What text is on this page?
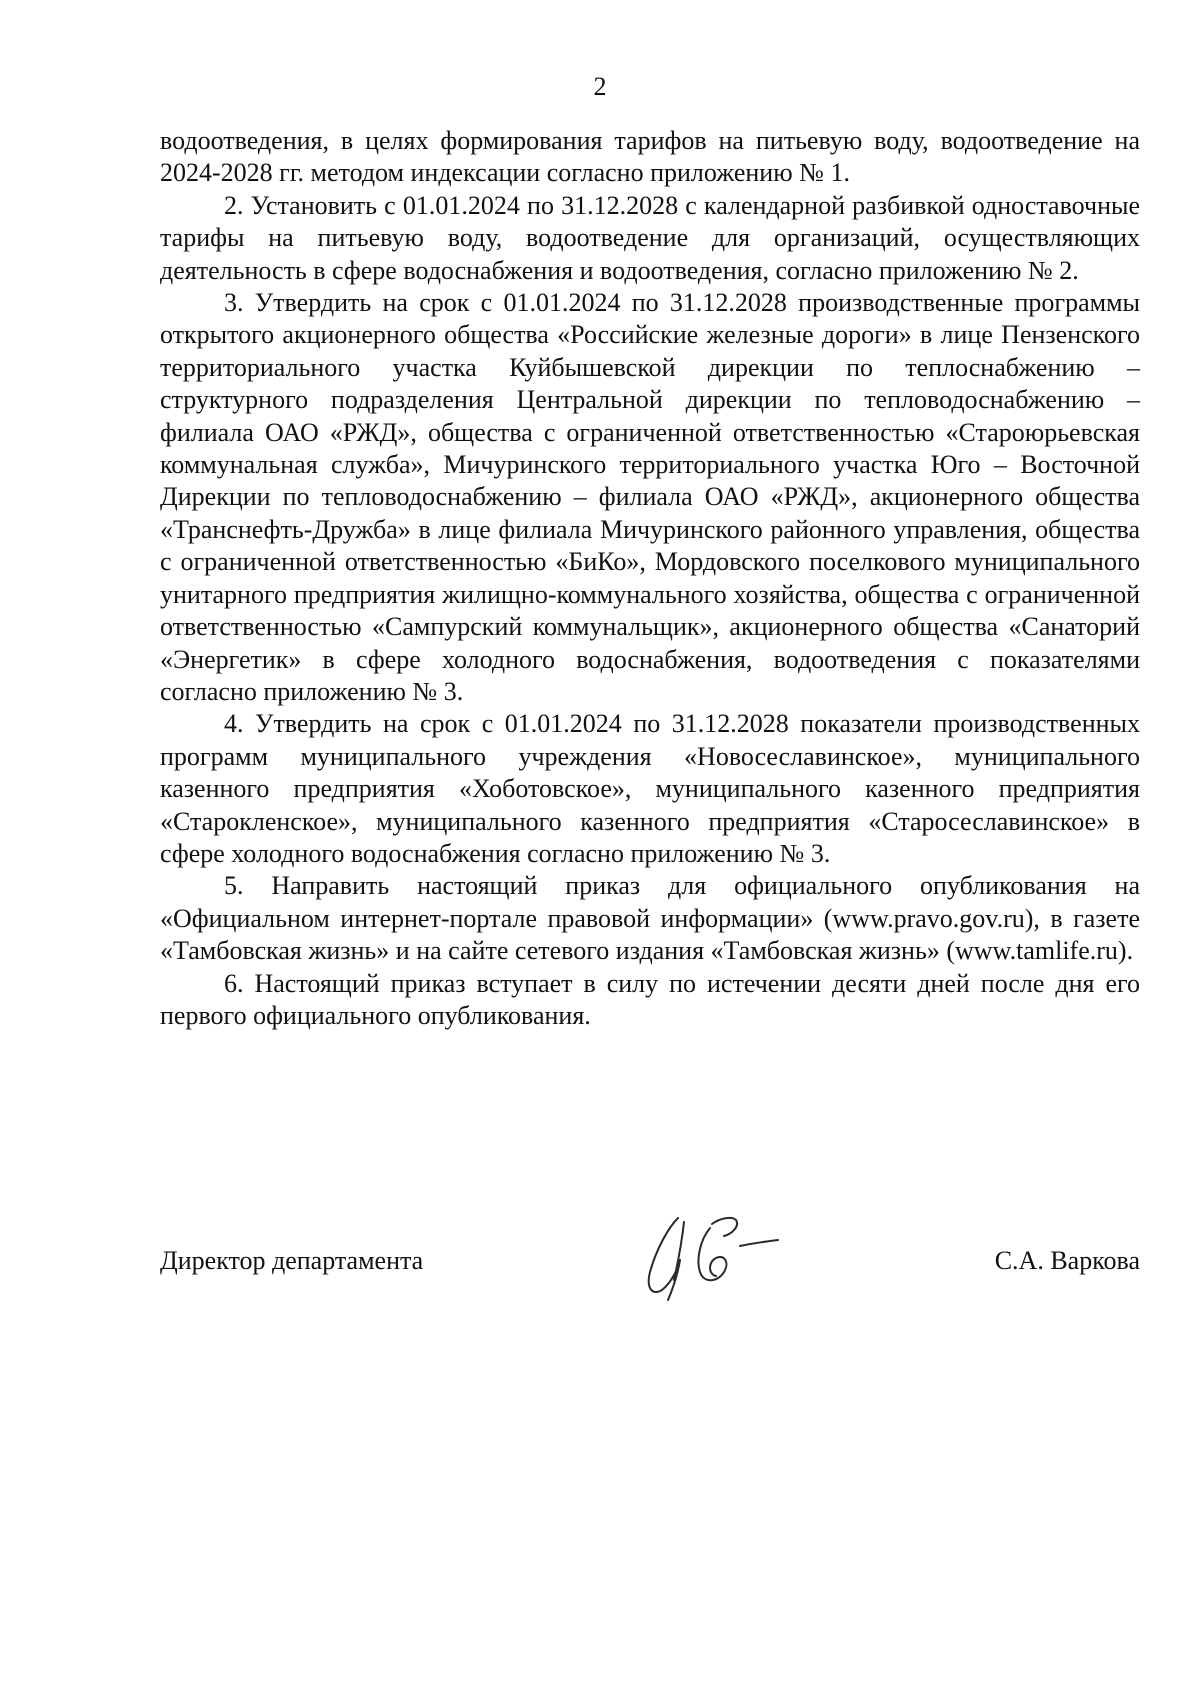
2

водоотведения, в целях формирования тарифов на питьевую воду, водоотведение на 2024-2028 гг. методом индексации согласно приложению № 1.

2. Установить с 01.01.2024 по 31.12.2028 с календарной разбивкой одноставочные тарифы на питьевую воду, водоотведение для организаций, осуществляющих деятельность в сфере водоснабжения и водоотведения, согласно приложению № 2.

3. Утвердить на срок с 01.01.2024 по 31.12.2028 производственные программы открытого акционерного общества «Российские железные дороги» в лице Пензенского территориального участка Куйбышевской дирекции по теплоснабжению – структурного подразделения Центральной дирекции по тепловодоснабжению – филиала ОАО «РЖД», общества с ограниченной ответственностью «Староюрьевская коммунальная служба», Мичуринского территориального участка Юго – Восточной Дирекции по тепловодоснабжению – филиала ОАО «РЖД», акционерного общества «Транснефть-Дружба» в лице филиала Мичуринского районного управления, общества с ограниченной ответственностью «БиКо», Мордовского поселкового муниципального унитарного предприятия жилищно-коммунального хозяйства, общества с ограниченной ответственностью «Сампурский коммунальщик», акционерного общества «Санаторий «Энергетик» в сфере холодного водоснабжения, водоотведения с показателями согласно приложению № 3.

4. Утвердить на срок с 01.01.2024 по 31.12.2028 показатели производственных программ муниципального учреждения «Новосеславинское», муниципального казенного предприятия «Хоботовское», муниципального казенного предприятия «Старокленское», муниципального казенного предприятия «Старосеславинское» в сфере холодного водоснабжения согласно приложению № 3.

5. Направить настоящий приказ для официального опубликования на «Официальном интернет-портале правовой информации» (www.pravo.gov.ru), в газете «Тамбовская жизнь» и на сайте сетевого издания «Тамбовская жизнь» (www.tamlife.ru).

6. Настоящий приказ вступает в силу по истечении десяти дней после дня его первого официального опубликования.

Директор департамента	С.А. Варкова
